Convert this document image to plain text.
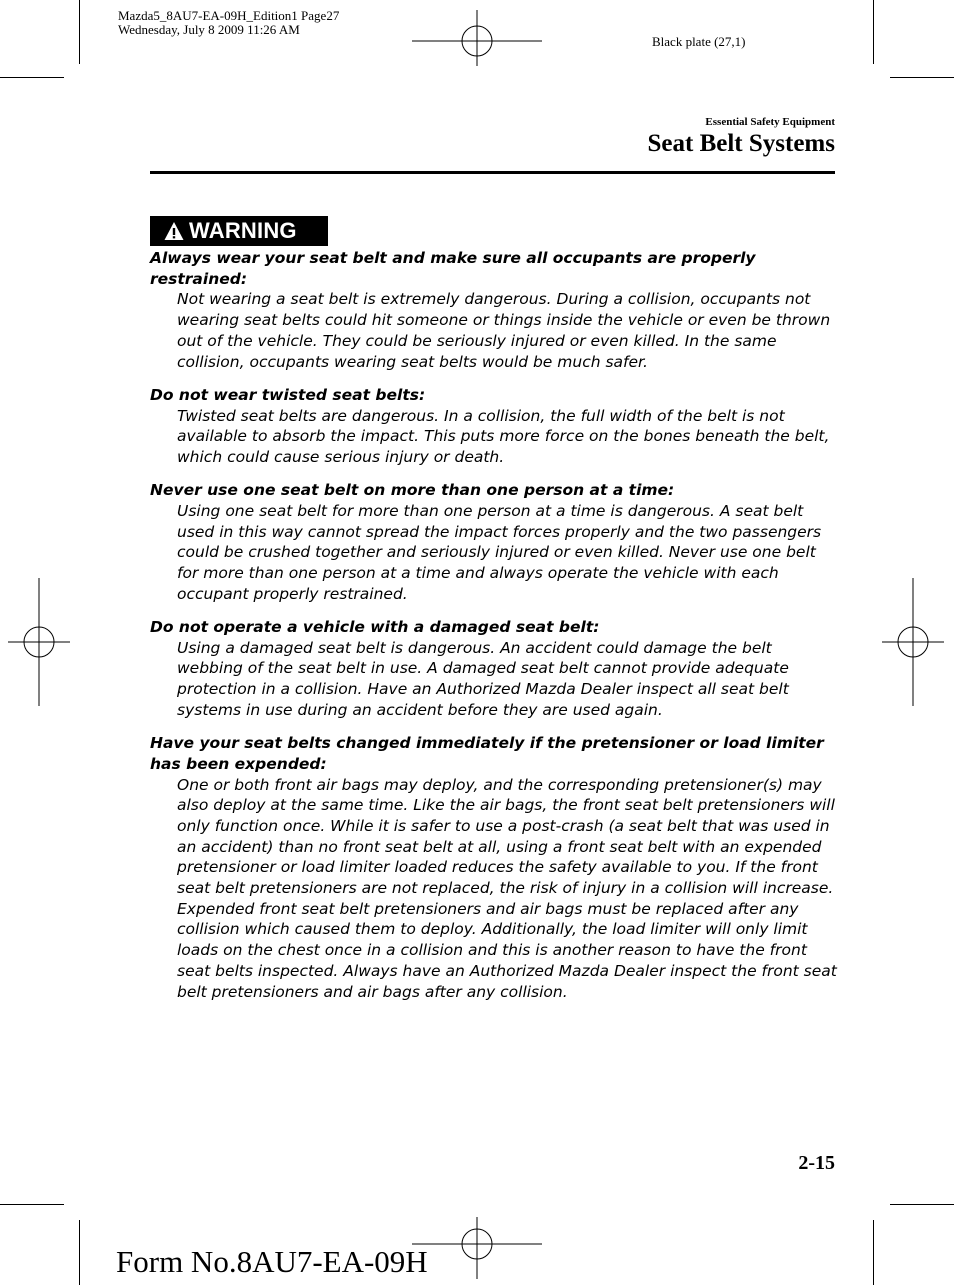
Mazda5_8AU7-EA-09H_Edition1 Page27
Wednesday, July 8 2009 11:26 AM
Black plate (27,1)
Essential Safety Equipment
Seat Belt Systems
WARNING

Always wear your seat belt and make sure all occupants are properly restrained:

Not wearing a seat belt is extremely dangerous. During a collision, occupants not wearing seat belts could hit someone or things inside the vehicle or even be thrown out of the vehicle. They could be seriously injured or even killed. In the same collision, occupants wearing seat belts would be much safer.

Do not wear twisted seat belts:

Twisted seat belts are dangerous. In a collision, the full width of the belt is not available to absorb the impact. This puts more force on the bones beneath the belt, which could cause serious injury or death.

Never use one seat belt on more than one person at a time:

Using one seat belt for more than one person at a time is dangerous. A seat belt used in this way cannot spread the impact forces properly and the two passengers could be crushed together and seriously injured or even killed. Never use one belt for more than one person at a time and always operate the vehicle with each occupant properly restrained.

Do not operate a vehicle with a damaged seat belt:

Using a damaged seat belt is dangerous. An accident could damage the belt webbing of the seat belt in use. A damaged seat belt cannot provide adequate protection in a collision. Have an Authorized Mazda Dealer inspect all seat belt systems in use during an accident before they are used again.

Have your seat belts changed immediately if the pretensioner or load limiter has been expended:

One or both front air bags may deploy, and the corresponding pretensioner(s) may also deploy at the same time. Like the air bags, the front seat belt pretensioners will only function once. While it is safer to use a post-crash (a seat belt that was used in an accident) than no front seat belt at all, using a front seat belt with an expended pretensioner or load limiter loaded reduces the safety available to you. If the front seat belt pretensioners are not replaced, the risk of injury in a collision will increase. Expended front seat belt pretensioners and air bags must be replaced after any collision which caused them to deploy. Additionally, the load limiter will only limit loads on the chest once in a collision and this is another reason to have the front seat belts inspected. Always have an Authorized Mazda Dealer inspect the front seat belt pretensioners and air bags after any collision.

2-15
Form No.8AU7-EA-09H
